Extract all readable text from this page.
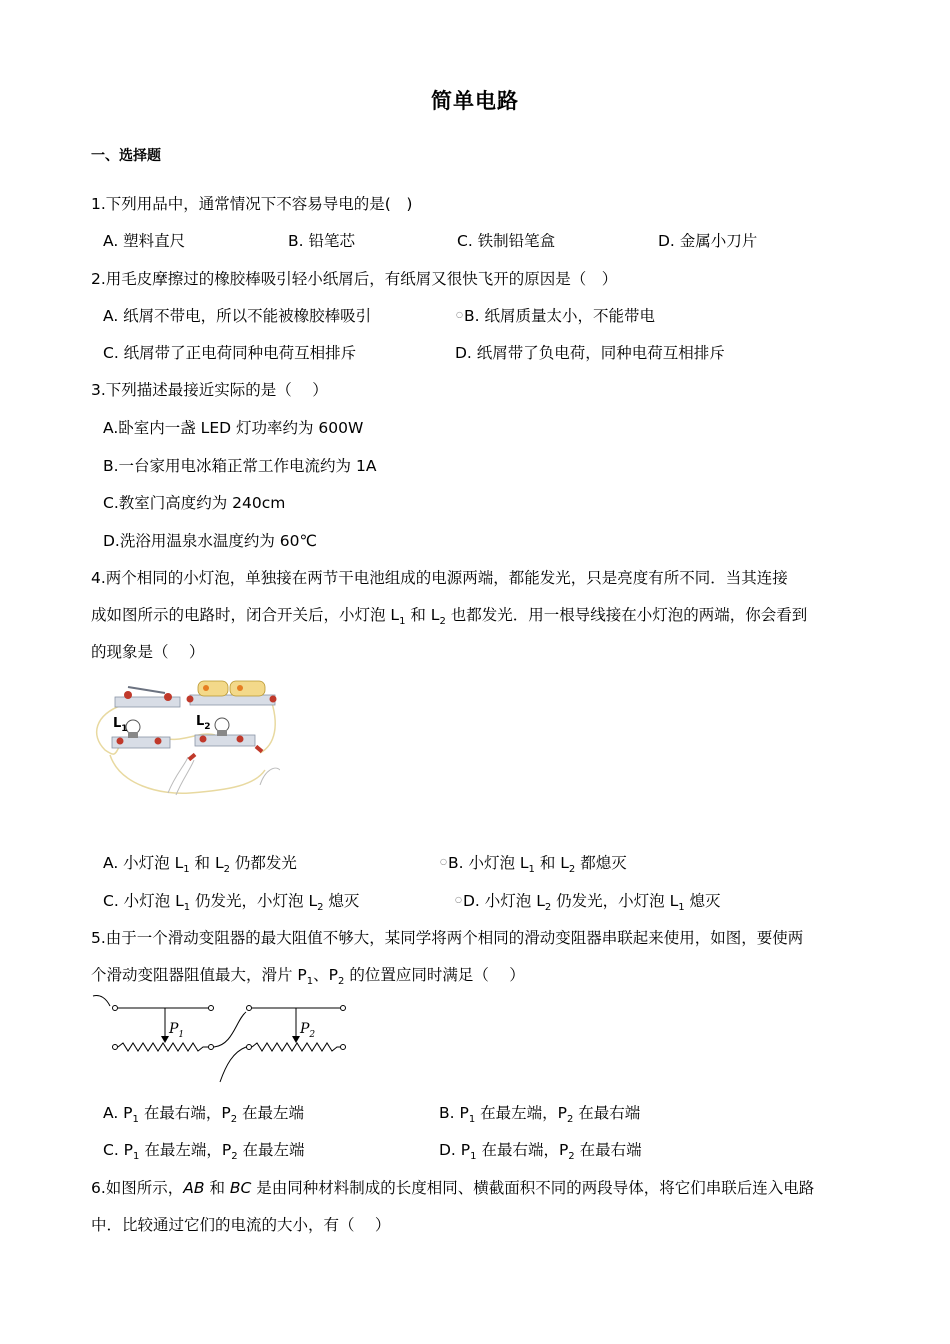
简单电路
一、选择题
1.下列用品中，通常情况下不容易导电的是(　)
A. 塑料直尺	B. 铅笔芯	C. 铁制铅笔盒	D. 金属小刀片
2.用毛皮摩擦过的橡胶棒吸引轻小纸屑后，有纸屑又很快飞开的原因是（　）
A. 纸屑不带电，所以不能被橡胶棒吸引	○B. 纸屑质量太小，不能带电
C. 纸屑带了正电荷同种电荷互相排斥	D. 纸屑带了负电荷，同种电荷互相排斥
3.下列描述最接近实际的是（　 ）
A.卧室内一盏 LED 灯功率约为 600W
B.一台家用电冰箱正常工作电流约为 1A
C.教室门高度约为 240cm
D.洗浴用温泉水温度约为 60℃
4.两个相同的小灯泡，单独接在两节干电池组成的电源两端，都能发光，只是亮度有所不同．当其连接
成如图所示的电路时，闭合开关后，小灯泡 $L_1$ 和 $L_2$ 也都发光．用一根导线接在小灯泡的两端，你会看到
的现象是（　 ）
$L_1$	$L_2$
A. 小灯泡 $L_1$ 和 $L_2$ 仍都发光	○B. 小灯泡 $L_1$ 和 $L_2$ 都熄灭
C. 小灯泡 $L_1$ 仍发光，小灯泡 $L_2$ 熄灭	○D. 小灯泡 $L_2$ 仍发光，小灯泡 $L_1$ 熄灭
5.由于一个滑动变阻器的最大阻值不够大，某同学将两个相同的滑动变阻器串联起来使用，如图，要使两
个滑动变阻器阻值最大，滑片 $P_1$、$P_2$ 的位置应同时满足（　 ）
$P_1$	$P_2$
A. $P_1$ 在最右端，$P_2$ 在最左端	B. $P_1$ 在最左端，$P_2$ 在最右端
C. $P_1$ 在最左端，$P_2$ 在最左端	D. $P_1$ 在最右端，$P_2$ 在最右端
6.如图所示，AB 和 BC 是由同种材料制成的长度相同、横截面积不同的两段导体，将它们串联后连入电路
中．比较通过它们的电流的大小，有（　 ）
